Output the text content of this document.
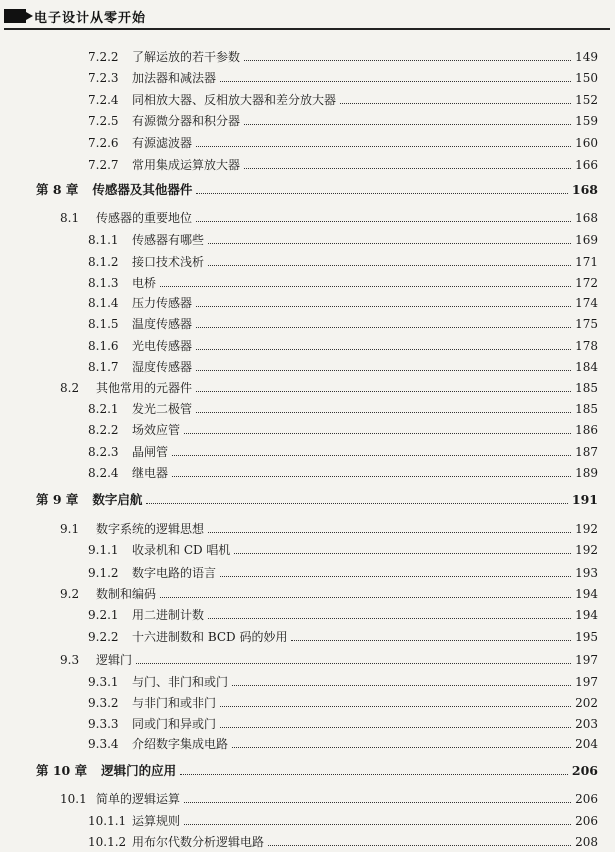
电子设计从零开始
7.2.2	了解运放的若干参数	149
7.2.3	加法器和减法器	150
7.2.4	同相放大器、反相放大器和差分放大器	152
7.2.5	有源微分器和积分器	159
7.2.6	有源滤波器	160
7.2.7	常用集成运算放大器	166
第 8 章 传感器及其他器件	168
8.1	传感器的重要地位	168
8.1.1	传感器有哪些	169
8.1.2	接口技术浅析	171
8.1.3	电桥	172
8.1.4	压力传感器	174
8.1.5	温度传感器	175
8.1.6	光电传感器	178
8.1.7	湿度传感器	184
8.2	其他常用的元器件	185
8.2.1	发光二极管	185
8.2.2	场效应管	186
8.2.3	晶闸管	187
8.2.4	继电器	189
第 9 章 数字启航	191
9.1	数字系统的逻辑思想	192
9.1.1	收录机和 CD 唱机	192
9.1.2	数字电路的语言	193
9.2	数制和编码	194
9.2.1	用二进制计数	194
9.2.2	十六进制数和 BCD 码的妙用	195
9.3	逻辑门	197
9.3.1	与门、非门和或门	197
9.3.2	与非门和或非门	202
9.3.3	同或门和异或门	203
9.3.4	介绍数字集成电路	204
第 10 章 逻辑门的应用	206
10.1 简单的逻辑运算	206
10.1.1 运算规则	206
10.1.2 用布尔代数分析逻辑电路	208
